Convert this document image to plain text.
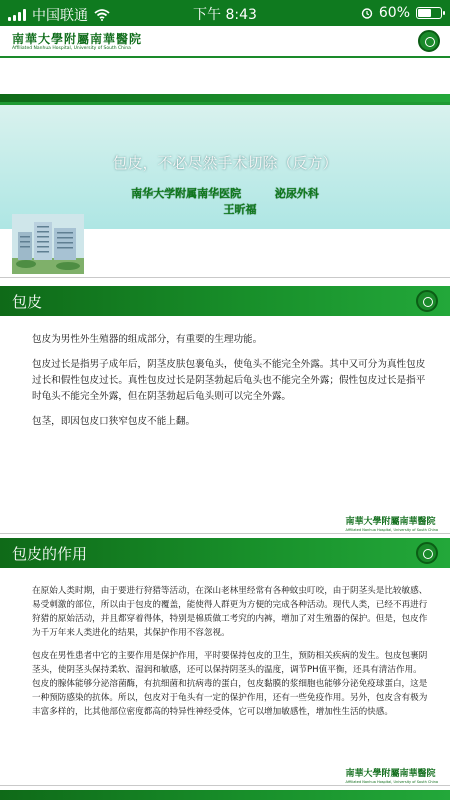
中国联通	下午 8:43	60%
南華大學附屬南華醫院
Affiliated Nanhua Hospital, University of South China
包皮，不必尽然手术切除（反方）
南华大学附属南华医院	泌尿外科
王昕福
包皮

包皮为男性外生殖器的组成部分，有重要的生理功能。

包皮过长是指男子成年后，阴茎皮肤包裹龟头，使龟头不能完全外露。其中又可分为真性包皮过长和假性包皮过长。真性包皮过长是阴茎勃起后龟头也不能完全外露；假性包皮过长是指平时龟头不能完全外露，但在阴茎勃起后龟头则可以完全外露。

包茎，即因包皮口狭窄包皮不能上翻。

南華大學附屬南華醫院
Affiliated Nanhua Hospital, University of South China
包皮的作用

在原始人类时期，由于要进行狩猎等活动，在深山老林里经常有各种蚊虫叮咬，由于阴茎头是比较敏感、易受刺激的部位，所以由于包皮的覆盖，能使得人群更为方便的完成各种活动。现代人类，已经不再进行狩猎的原始活动，并且都穿着得体，特别是棉质做工考究的内裤，增加了对生殖器的保护。但是，包皮作为千万年来人类进化的结果，其保护作用不容忽视。

包皮在男性患者中它的主要作用是保护作用，平时要保持包皮的卫生，预防相关疾病的发生。包皮包裹阴茎头，使阴茎头保持柔软、湿润和敏感，还可以保持阴茎头的温度，调节PH值平衡，还具有清洁作用。包皮的腺体能够分泌溶菌酶，有抗细菌和抗病毒的蛋白，包皮黏膜的浆细胞也能够分泌免疫球蛋白，这是一种预防感染的抗体。所以，包皮对于龟头有一定的保护作用，还有一些免疫作用。另外，包皮含有极为丰富多样的，比其他部位密度都高的特异性神经受体，它可以增加敏感性，增加性生活的快感。

南華大學附屬南華醫院
Affiliated Nanhua Hospital, University of South China
